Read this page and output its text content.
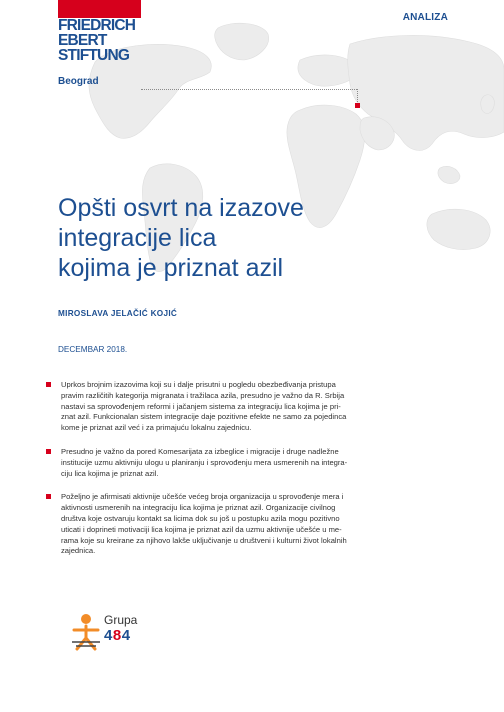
FRIEDRICH
EBERT
STIFTUNG
Beograd
ANALIZA
Opšti osvrt na izazove
integracije lica
kojima je priznat azil
MIROSLAVA JELAČIĆ KOJIĆ
DECEMBAR 2018.
Uprkos brojnim izazovima koji su i dalje prisutni u pogledu obezbeđivanja pristupa
pravim različitih kategorija migranata i tražilaca azila, presudno je važno da R. Srbija
nastavi sa sprovođenjem reformi i jačanjem sistema za integraciju lica kojima je pri-
znat azil. Funkcionalan sistem integracije daje pozitivne efekte ne samo za pojedinca
kome je priznat azil već i za primajuću lokalnu zajednicu.
Presudno je važno da pored Komesarijata za izbeglice i migracije i druge nadležne
institucije uzmu aktivniju ulogu u planiranju i sprovođenju mera usmerenih na integra-
ciju lica kojima je priznat azil.
Poželjno je afirmisati aktivnije učešće većeg broja organizacija u sprovođenje mera i
aktivnosti usmerenih na integraciju lica kojima je priznat azil. Organizacije civilnog
društva koje ostvaruju kontakt sa licima dok su još u postupku azila mogu pozitivno
uticati i doprineti motivaciji lica kojima je priznat azil da uzmu aktivnije učešće u me-
rama koje su kreirane za njihovo lakše uključivanje u društveni i kulturni život lokalnih
zajednica.
Grupa
484
